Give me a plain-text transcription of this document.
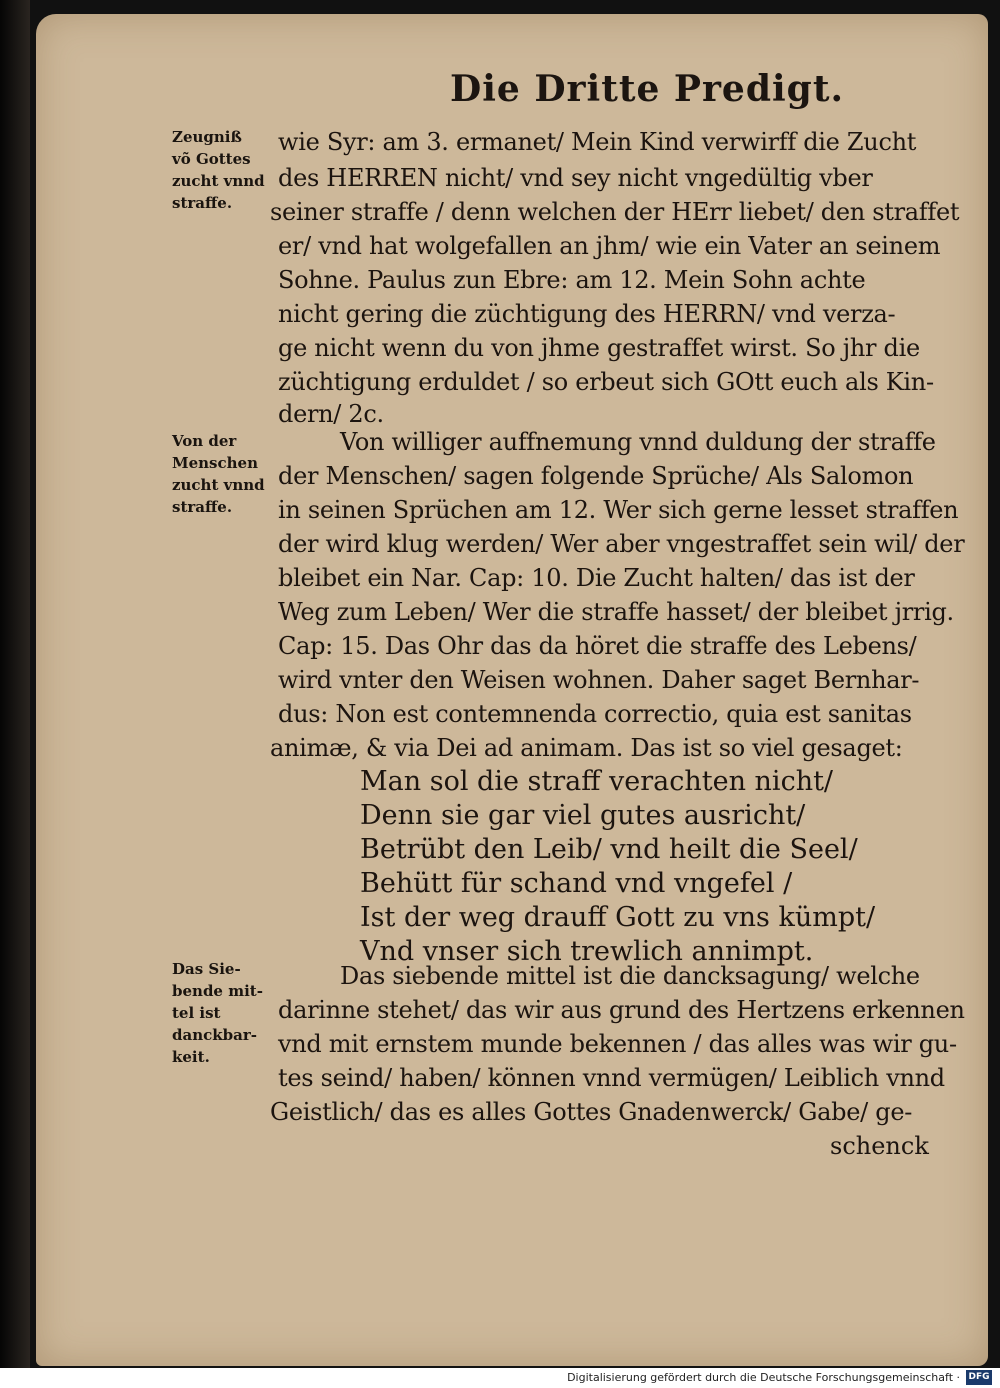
Die Dritte Predigt.
Zeugniß
võ Gottes
zucht vnnd
straffe.
Von der
Menschen
zucht vnnd
straffe.
Das Sie-
bende mit-
tel ist
danckbar-
keit.
wie Syr: am 3. ermanet/ Mein Kind verwirff die Zucht
des HERREN nicht/ vnd sey nicht vngedültig vber
seiner straffe / denn welchen der HErr liebet/ den straffet
er/ vnd hat wolgefallen an jhm/ wie ein Vater an seinem
Sohne. Paulus zun Ebre: am 12. Mein Sohn achte
nicht gering die züchtigung des HERRN/ vnd verza-
ge nicht wenn du von jhme gestraffet wirst. So jhr die
züchtigung erduldet / so erbeut sich GOtt euch als Kin-
dern/ 2c.
Von williger auffnemung vnnd duldung der straffe
der Menschen/ sagen folgende Sprüche/ Als Salomon
in seinen Sprüchen am 12. Wer sich gerne lesset straffen
der wird klug werden/ Wer aber vngestraffet sein wil/ der
bleibet ein Nar. Cap: 10. Die Zucht halten/ das ist der
Weg zum Leben/ Wer die straffe hasset/ der bleibet jrrig.
Cap: 15. Das Ohr das da höret die straffe des Lebens/
wird vnter den Weisen wohnen. Daher saget Bernhar-
dus: Non est contemnenda correctio, quia est sanitas
animæ, & via Dei ad animam. Das ist so viel gesaget:
Man sol die straff verachten nicht/
Denn sie gar viel gutes ausricht/
Betrübt den Leib/ vnd heilt die Seel/
Behütt für schand vnd vngefel /
Ist der weg drauff Gott zu vns kümpt/
Vnd vnser sich trewlich annimpt.
Das siebende mittel ist die dancksagung/ welche
darinne stehet/ das wir aus grund des Hertzens erkennen
vnd mit ernstem munde bekennen / das alles was wir gu-
tes seind/ haben/ können vnnd vermügen/ Leiblich vnnd
Geistlich/ das es alles Gottes Gnadenwerck/ Gabe/ ge-
schenck
Digitalisierung gefördert durch die Deutsche Forschungsgemeinschaft · DFG
